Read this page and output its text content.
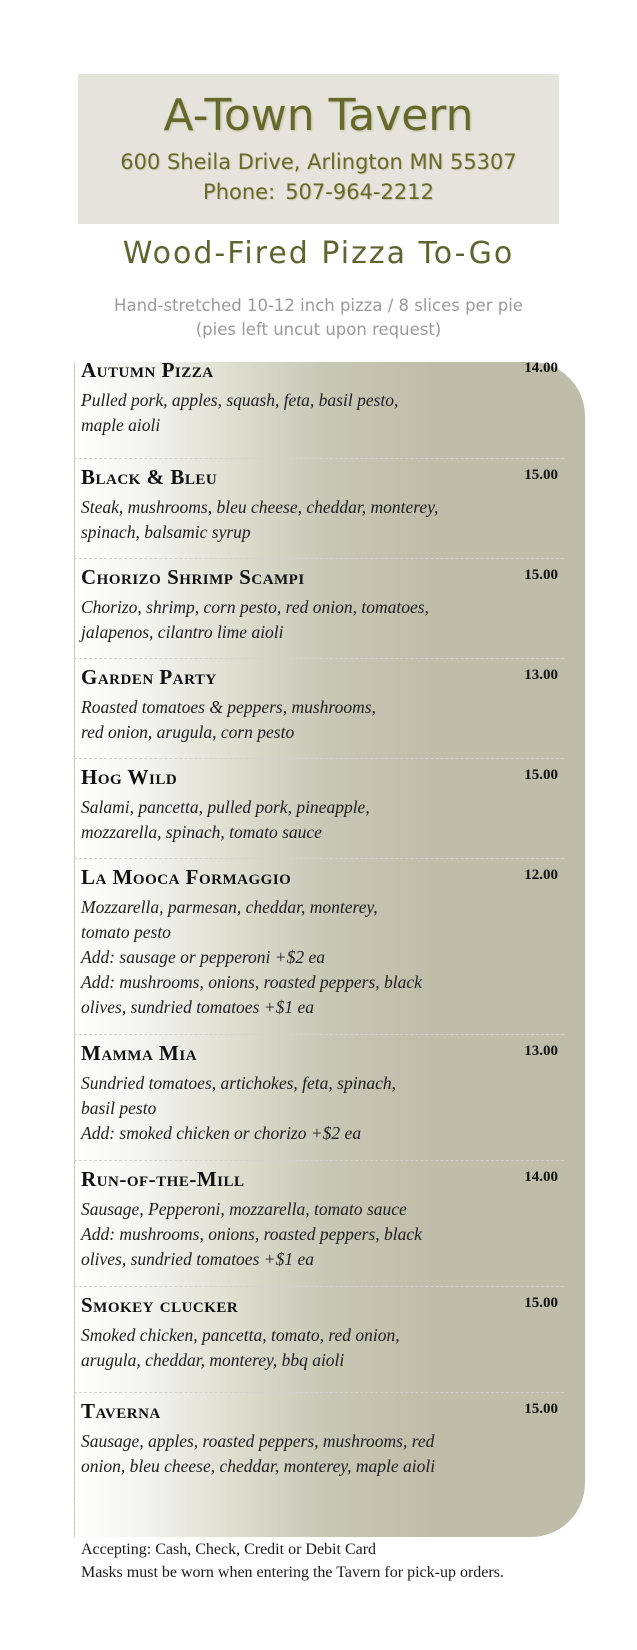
A-Town Tavern
600 Sheila Drive, Arlington MN 55307
Phone: 507-964-2212
Wood-Fired Pizza To-Go
Hand-stretched 10-12 inch pizza / 8 slices per pie
(pies left uncut upon request)
Autumn Pizza	14.00
Pulled pork, apples, squash, feta, basil pesto,
maple aioli
Black & Bleu	15.00
Steak, mushrooms, bleu cheese, cheddar, monterey,
spinach, balsamic syrup
Chorizo Shrimp Scampi	15.00
Chorizo, shrimp, corn pesto, red onion, tomatoes,
jalapenos, cilantro lime aioli
Garden Party	13.00
Roasted tomatoes & peppers, mushrooms,
red onion, arugula, corn pesto
Hog Wild	15.00
Salami, pancetta, pulled pork, pineapple,
mozzarella, spinach, tomato sauce
La Mooca Formaggio	12.00
Mozzarella, parmesan, cheddar, monterey,
tomato pesto
Add: sausage or pepperoni +$2 ea
Add: mushrooms, onions, roasted peppers, black
olives, sundried tomatoes +$1 ea
Mamma Mia	13.00
Sundried tomatoes, artichokes, feta, spinach,
basil pesto
Add: smoked chicken or chorizo +$2 ea
Run-of-the-Mill	14.00
Sausage, Pepperoni, mozzarella, tomato sauce
Add: mushrooms, onions, roasted peppers, black
olives, sundried tomatoes +$1 ea
Smokey clucker	15.00
Smoked chicken, pancetta, tomato, red onion,
arugula, cheddar, monterey, bbq aioli
Taverna	15.00
Sausage, apples, roasted peppers, mushrooms, red
onion, bleu cheese, cheddar, monterey, maple aioli
Accepting: Cash, Check, Credit or Debit Card
Masks must be worn when entering the Tavern for pick-up orders.
